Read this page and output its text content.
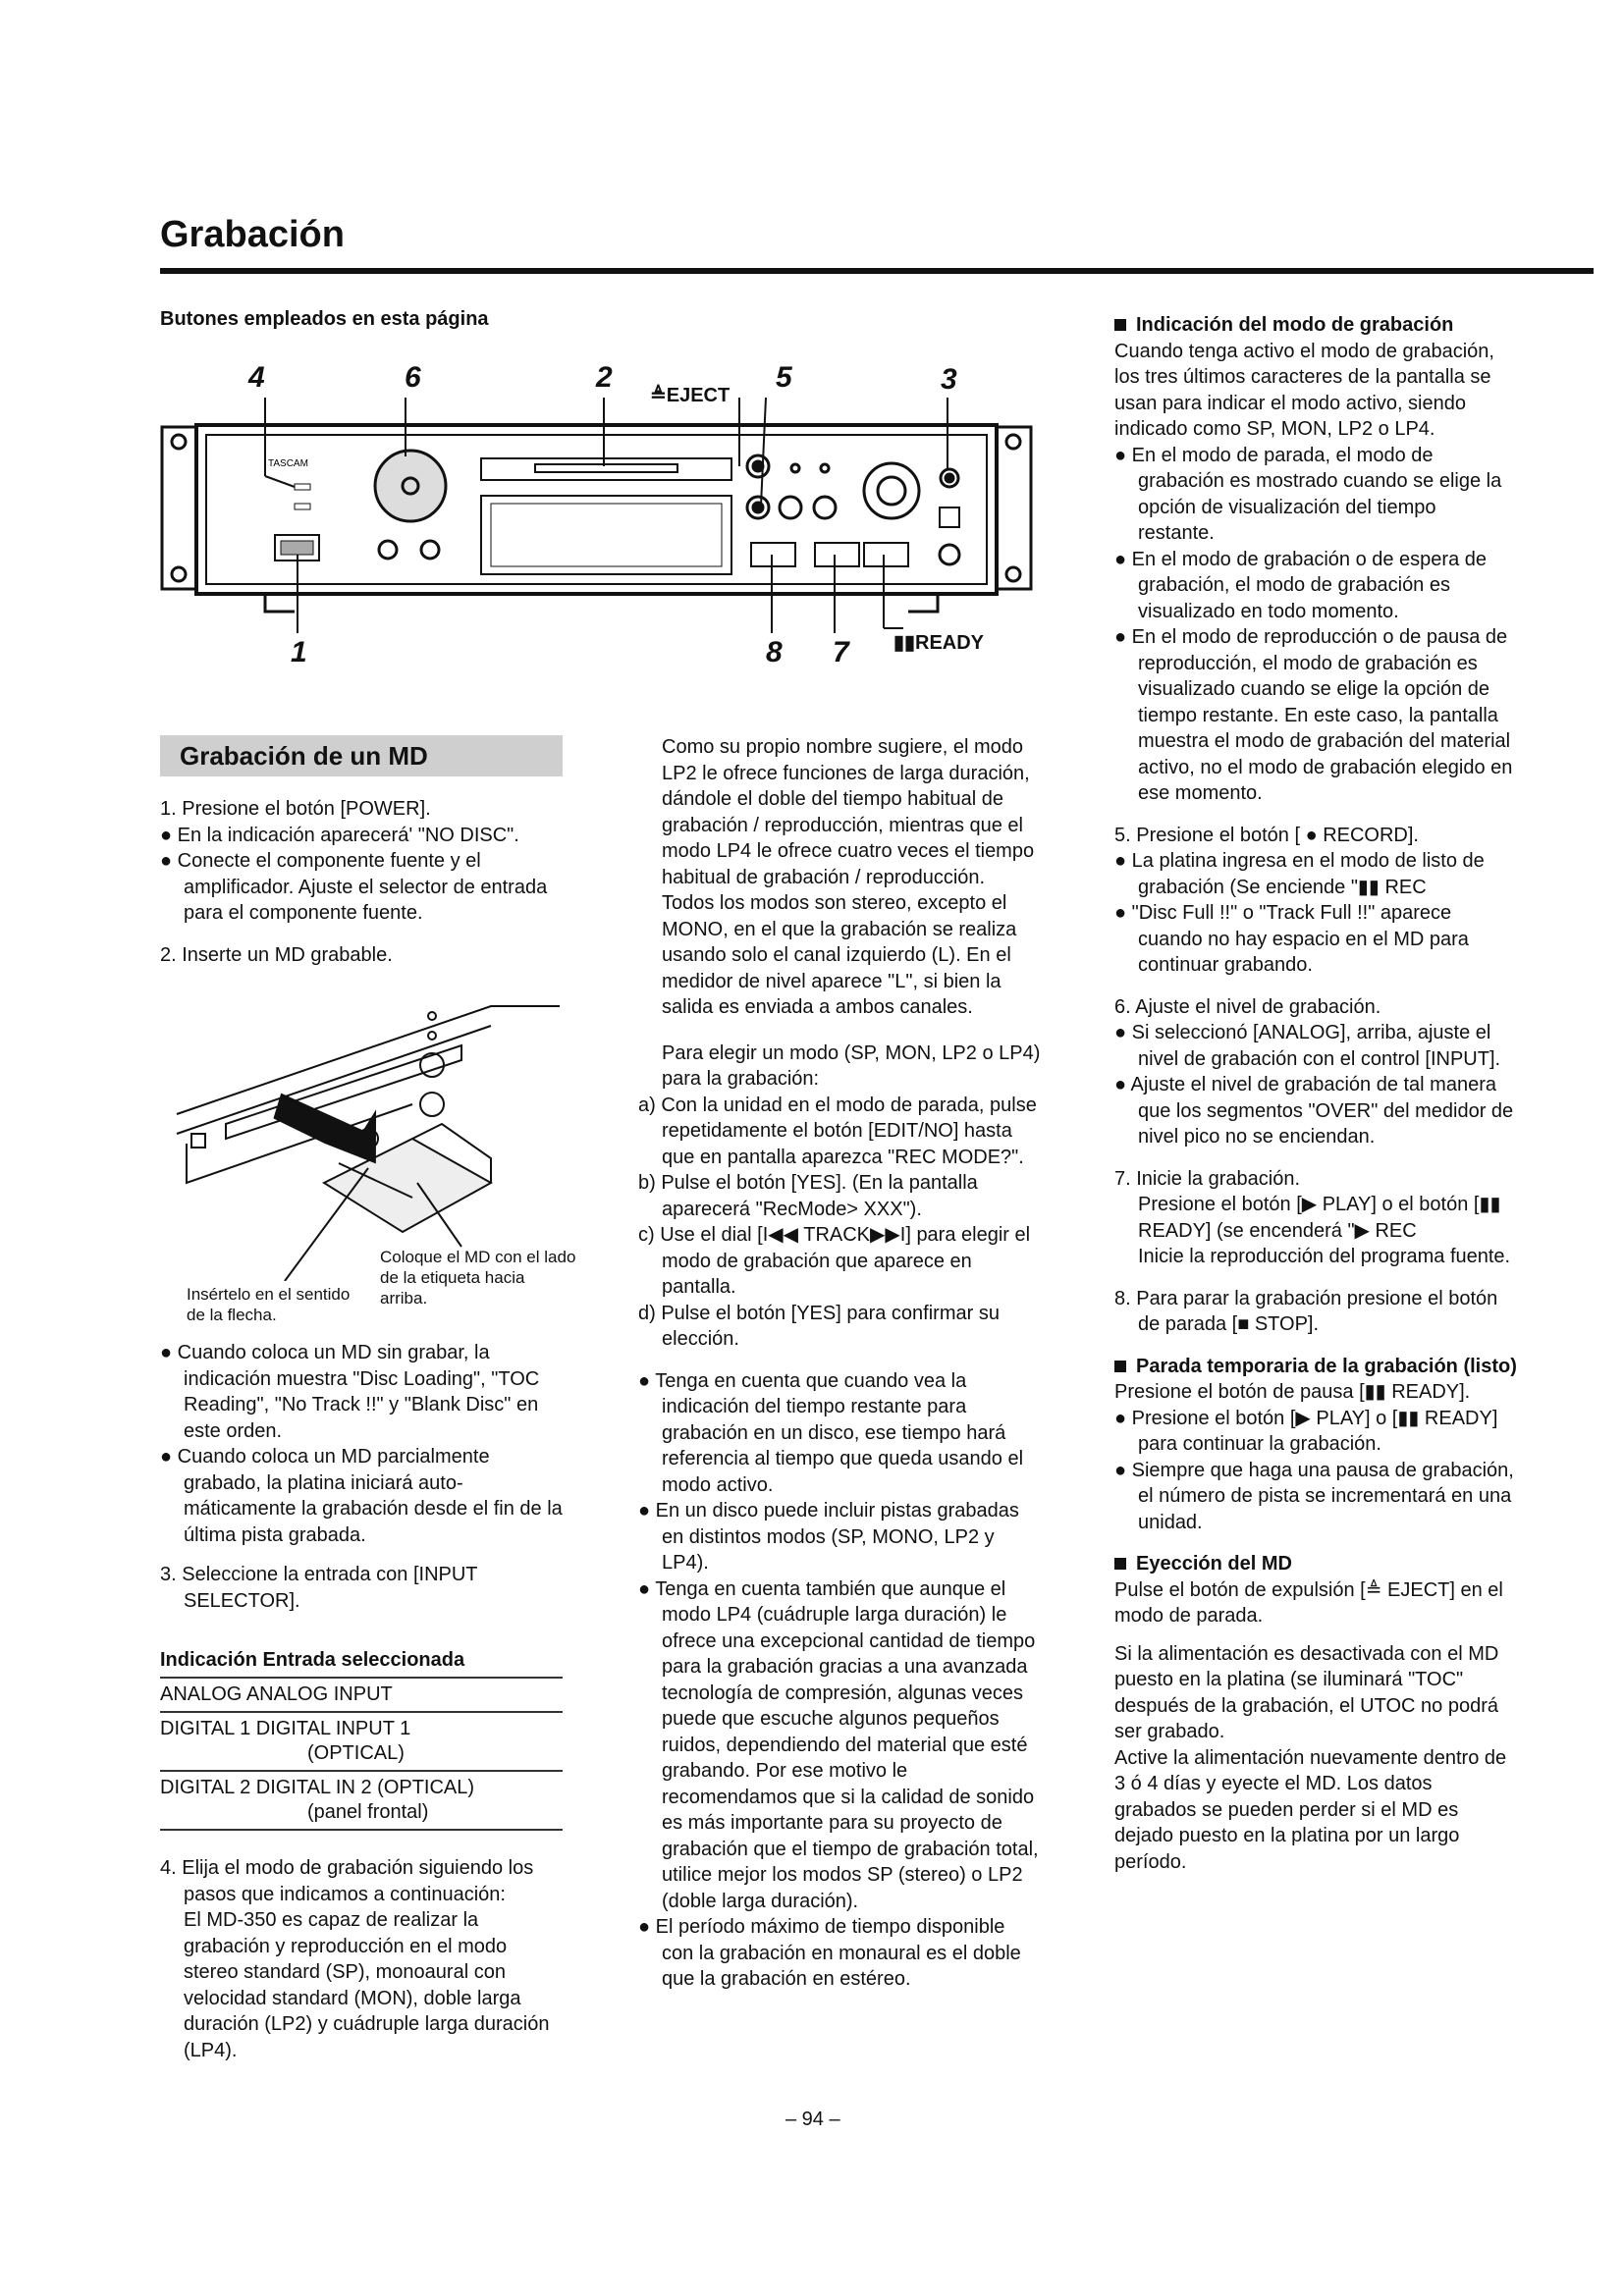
Grabación
Butones empleados en esta página
TASCAM
≜EJECT
▮▮READY
4	6	2	5	3
1	8 7
Grabación de un MD

1. Presione el botón [POWER].

● En la indicación aparecerá' "NO DISC".

● Conecte el componente fuente y el amplificador. Ajuste el selector de entrada para el componente fuente.

2. Inserte un MD grabable.

Insértelo en el sentido de la flecha.
Coloque el MD con el lado de la etiqueta hacia arriba.

● Cuando coloca un MD sin grabar, la indicación muestra "Disc Loading", "TOC Reading", "No Track !!" y "Blank Disc" en este orden.

● Cuando coloca un MD parcialmente grabado, la platina iniciará auto-máticamente la grabación desde el fin de la última pista grabada.

3. Seleccione la entrada con [INPUT SELECTOR].

Indicación Entrada seleccionada
ANALOG ANALOG INPUT
DIGITAL 1 DIGITAL INPUT 1
(OPTICAL)
DIGITAL 2 DIGITAL IN 2 (OPTICAL)
(panel frontal)

4. Elija el modo de grabación siguiendo los pasos que indicamos a continuación:

El MD-350 es capaz de realizar la grabación y reproducción en el modo stereo standard (SP), monoaural con velocidad standard (MON), doble larga duración (LP2) y cuádruple larga duración (LP4).

Como su propio nombre sugiere, el modo LP2 le ofrece funciones de larga duración, dándole el doble del tiempo habitual de grabación / reproducción, mientras que el modo LP4 le ofrece cuatro veces el tiempo habitual de grabación / reproducción.

Todos los modos son stereo, excepto el MONO, en el que la grabación se realiza usando solo el canal izquierdo (L). En el medidor de nivel aparece "L", si bien la salida es enviada a ambos canales.

Para elegir un modo (SP, MON, LP2 o LP4) para la grabación:

a) Con la unidad en el modo de parada, pulse repetidamente el botón [EDIT/NO] hasta que en pantalla aparezca "REC MODE?".

b) Pulse el botón [YES]. (En la pantalla aparecerá "RecMode> XXX").

c) Use el dial [I◀◀ TRACK▶▶I] para elegir el modo de grabación que aparece en pantalla.

d) Pulse el botón [YES] para confirmar su elección.

● Tenga en cuenta que cuando vea la indicación del tiempo restante para grabación en un disco, ese tiempo hará referencia al tiempo que queda usando el modo activo.

● En un disco puede incluir pistas grabadas en distintos modos (SP, MONO, LP2 y LP4).

● Tenga en cuenta también que aunque el modo LP4 (cuádruple larga duración) le ofrece una excepcional cantidad de tiempo para la grabación gracias a una avanzada tecnología de compresión, algunas veces puede que escuche algunos pequeños ruidos, dependiendo del material que esté grabando. Por ese motivo le recomendamos que si la calidad de sonido es más importante para su proyecto de grabación que el tiempo de grabación total, utilice mejor los modos SP (stereo) o LP2 (doble larga duración).

● El período máximo de tiempo disponible con la grabación en monaural es el doble que la grabación en estéreo.

Indicación del modo de grabación

Cuando tenga activo el modo de grabación, los tres últimos caracteres de la pantalla se usan para indicar el modo activo, siendo indicado como SP, MON, LP2 o LP4.

● En el modo de parada, el modo de grabación es mostrado cuando se elige la opción de visualización del tiempo restante.

● En el modo de grabación o de espera de grabación, el modo de grabación es visualizado en todo momento.

● En el modo de reproducción o de pausa de reproducción, el modo de grabación es visualizado cuando se elige la opción de tiempo restante. En este caso, la pantalla muestra el modo de grabación del material activo, no el modo de grabación elegido en ese momento.

5. Presione el botón [ ● RECORD].

● La platina ingresa en el modo de listo de grabación (Se enciende "▮▮ REC

● "Disc Full !!" o "Track Full !!" aparece cuando no hay espacio en el MD para continuar grabando.

6. Ajuste el nivel de grabación.

● Si seleccionó [ANALOG], arriba, ajuste el nivel de grabación con el control [INPUT].

● Ajuste el nivel de grabación de tal manera que los segmentos "OVER" del medidor de nivel pico no se enciendan.

7. Inicie la grabación.

Presione el botón [▶ PLAY] o el botón [▮▮ READY] (se encenderá "▶ REC

Inicie la reproducción del programa fuente.

8. Para parar la grabación presione el botón de parada [■ STOP].

Parada temporaria de la grabación (listo)

Presione el botón de pausa [▮▮ READY].

● Presione el botón [▶ PLAY] o [▮▮ READY] para continuar la grabación.

● Siempre que haga una pausa de grabación, el número de pista se incrementará en una unidad.

Eyección del MD

Pulse el botón de expulsión [≜ EJECT] en el modo de parada.

Si la alimentación es desactivada con el MD puesto en la platina (se iluminará "TOC" después de la grabación, el UTOC no podrá ser grabado.

Active la alimentación nuevamente dentro de 3 ó 4 días y eyecte el MD. Los datos grabados se pueden perder si el MD es dejado puesto en la platina por un largo período.

– 94 –
